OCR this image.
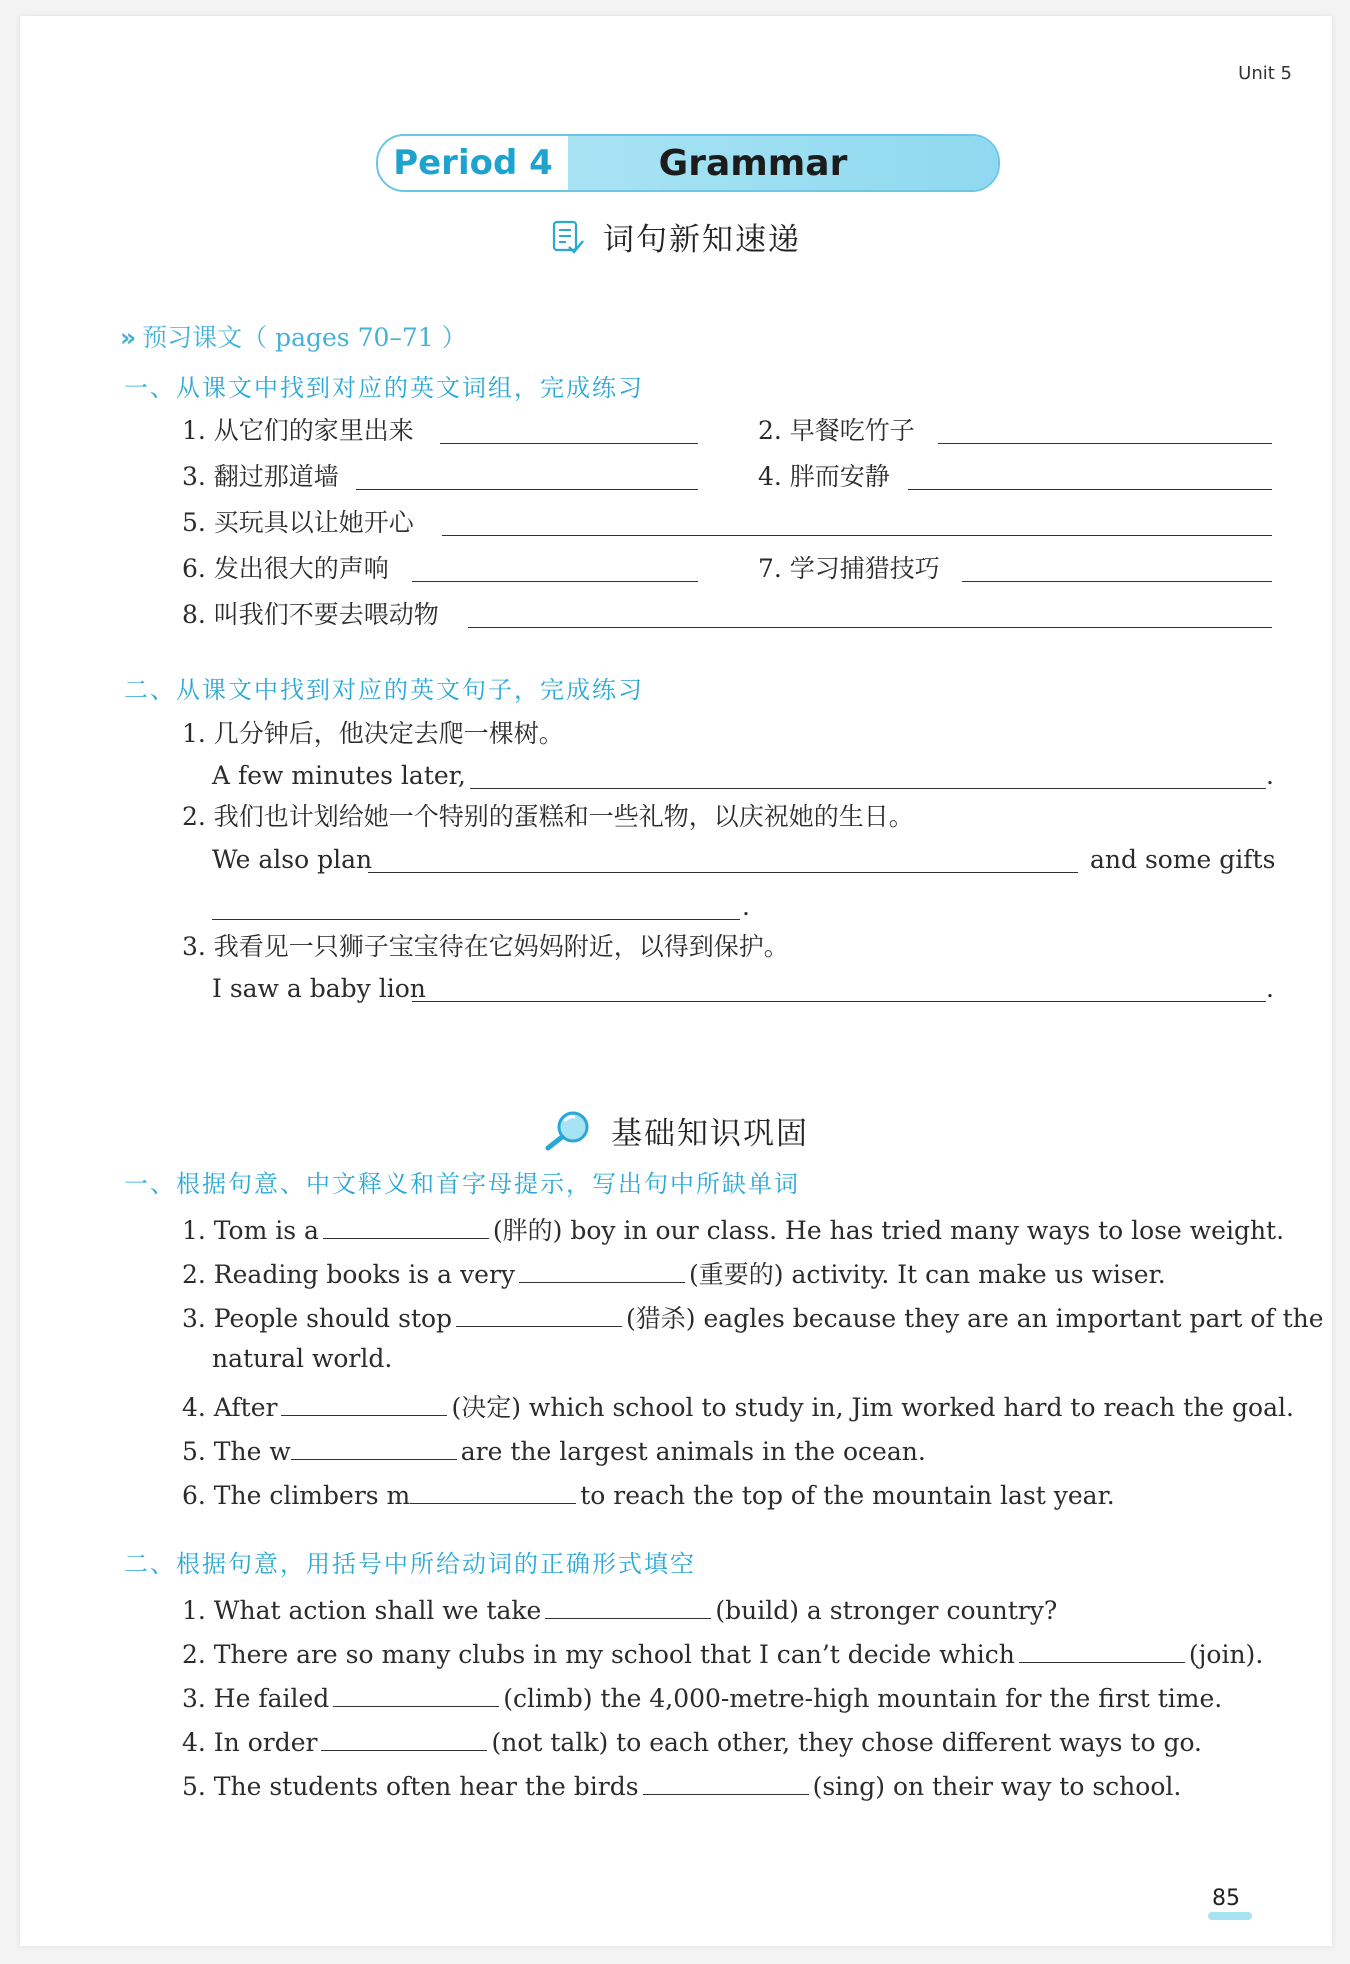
Unit 5
Period 4	Grammar
词句新知速递
» 预习课文（ pages 70–71 ）
一、从课文中找到对应的英文词组，完成练习
1. 从它们的家里出来	2. 早餐吃竹子
3. 翻过那道墙	4. 胖而安静
5. 买玩具以让她开心
6. 发出很大的声响	7. 学习捕猎技巧
8. 叫我们不要去喂动物
二、从课文中找到对应的英文句子，完成练习
1. 几分钟后，他决定去爬一棵树。
A few minutes later,	.
2. 我们也计划给她一个特别的蛋糕和一些礼物，以庆祝她的生日。
We also plan	and some gifts
.
3. 我看见一只狮子宝宝待在它妈妈附近，以得到保护。
I saw a baby lion	.
基础知识巩固
一、根据句意、中文释义和首字母提示，写出句中所缺单词
1. Tom is a	(胖的) boy in our class. He has tried many ways to lose weight.
2. Reading books is a very	(重要的) activity. It can make us wiser.
3. People should stop	(猎杀) eagles because they are an important part of the
natural world.
4. After	(决定) which school to study in, Jim worked hard to reach the goal.
5. The w	are the largest animals in the ocean.
6. The climbers m	to reach the top of the mountain last year.
二、根据句意，用括号中所给动词的正确形式填空
1. What action shall we take	(build) a stronger country?
2. There are so many clubs in my school that I can’t decide which	(join).
3. He failed	(climb) the 4,000-metre-high mountain for the first time.
4. In order	(not talk) to each other, they chose different ways to go.
5. The students often hear the birds	(sing) on their way to school.
85
